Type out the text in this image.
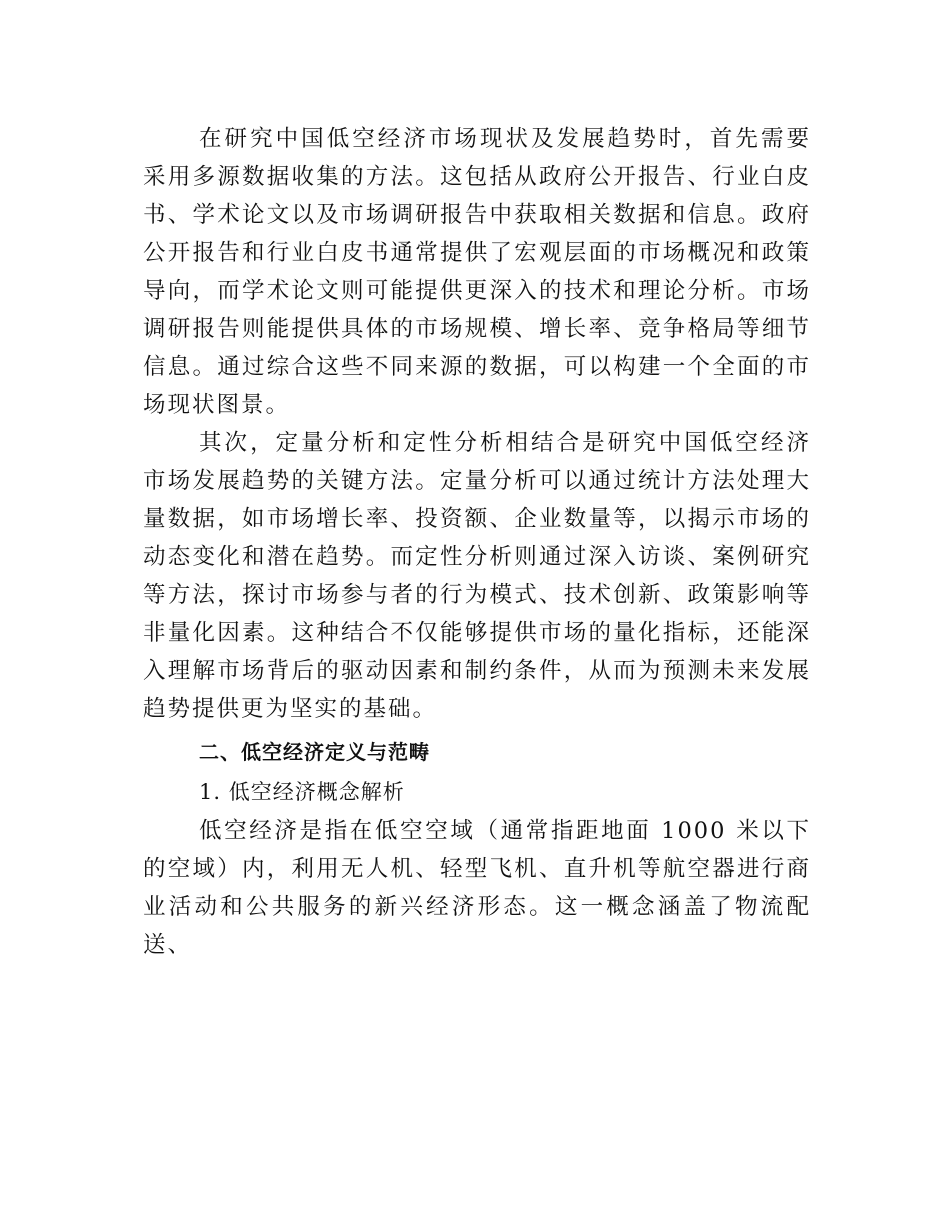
在研究中国低空经济市场现状及发展趋势时，首先需要采用多源数据收集的方法。这包括从政府公开报告、行业白皮书、学术论文以及市场调研报告中获取相关数据和信息。政府公开报告和行业白皮书通常提供了宏观层面的市场概况和政策导向，而学术论文则可能提供更深入的技术和理论分析。市场调研报告则能提供具体的市场规模、增长率、竞争格局等细节信息。通过综合这些不同来源的数据，可以构建一个全面的市场现状图景。

其次，定量分析和定性分析相结合是研究中国低空经济市场发展趋势的关键方法。定量分析可以通过统计方法处理大量数据，如市场增长率、投资额、企业数量等，以揭示市场的动态变化和潜在趋势。而定性分析则通过深入访谈、案例研究等方法，探讨市场参与者的行为模式、技术创新、政策影响等非量化因素。这种结合不仅能够提供市场的量化指标，还能深入理解市场背后的驱动因素和制约条件，从而为预测未来发展趋势提供更为坚实的基础。

二、低空经济定义与范畴
1. 低空经济概念解析

低空经济是指在低空空域（通常指距地面 1000 米以下的空域）内，利用无人机、轻型飞机、直升机等航空器进行商业活动和公共服务的新兴经济形态。这一概念涵盖了物流配送、
